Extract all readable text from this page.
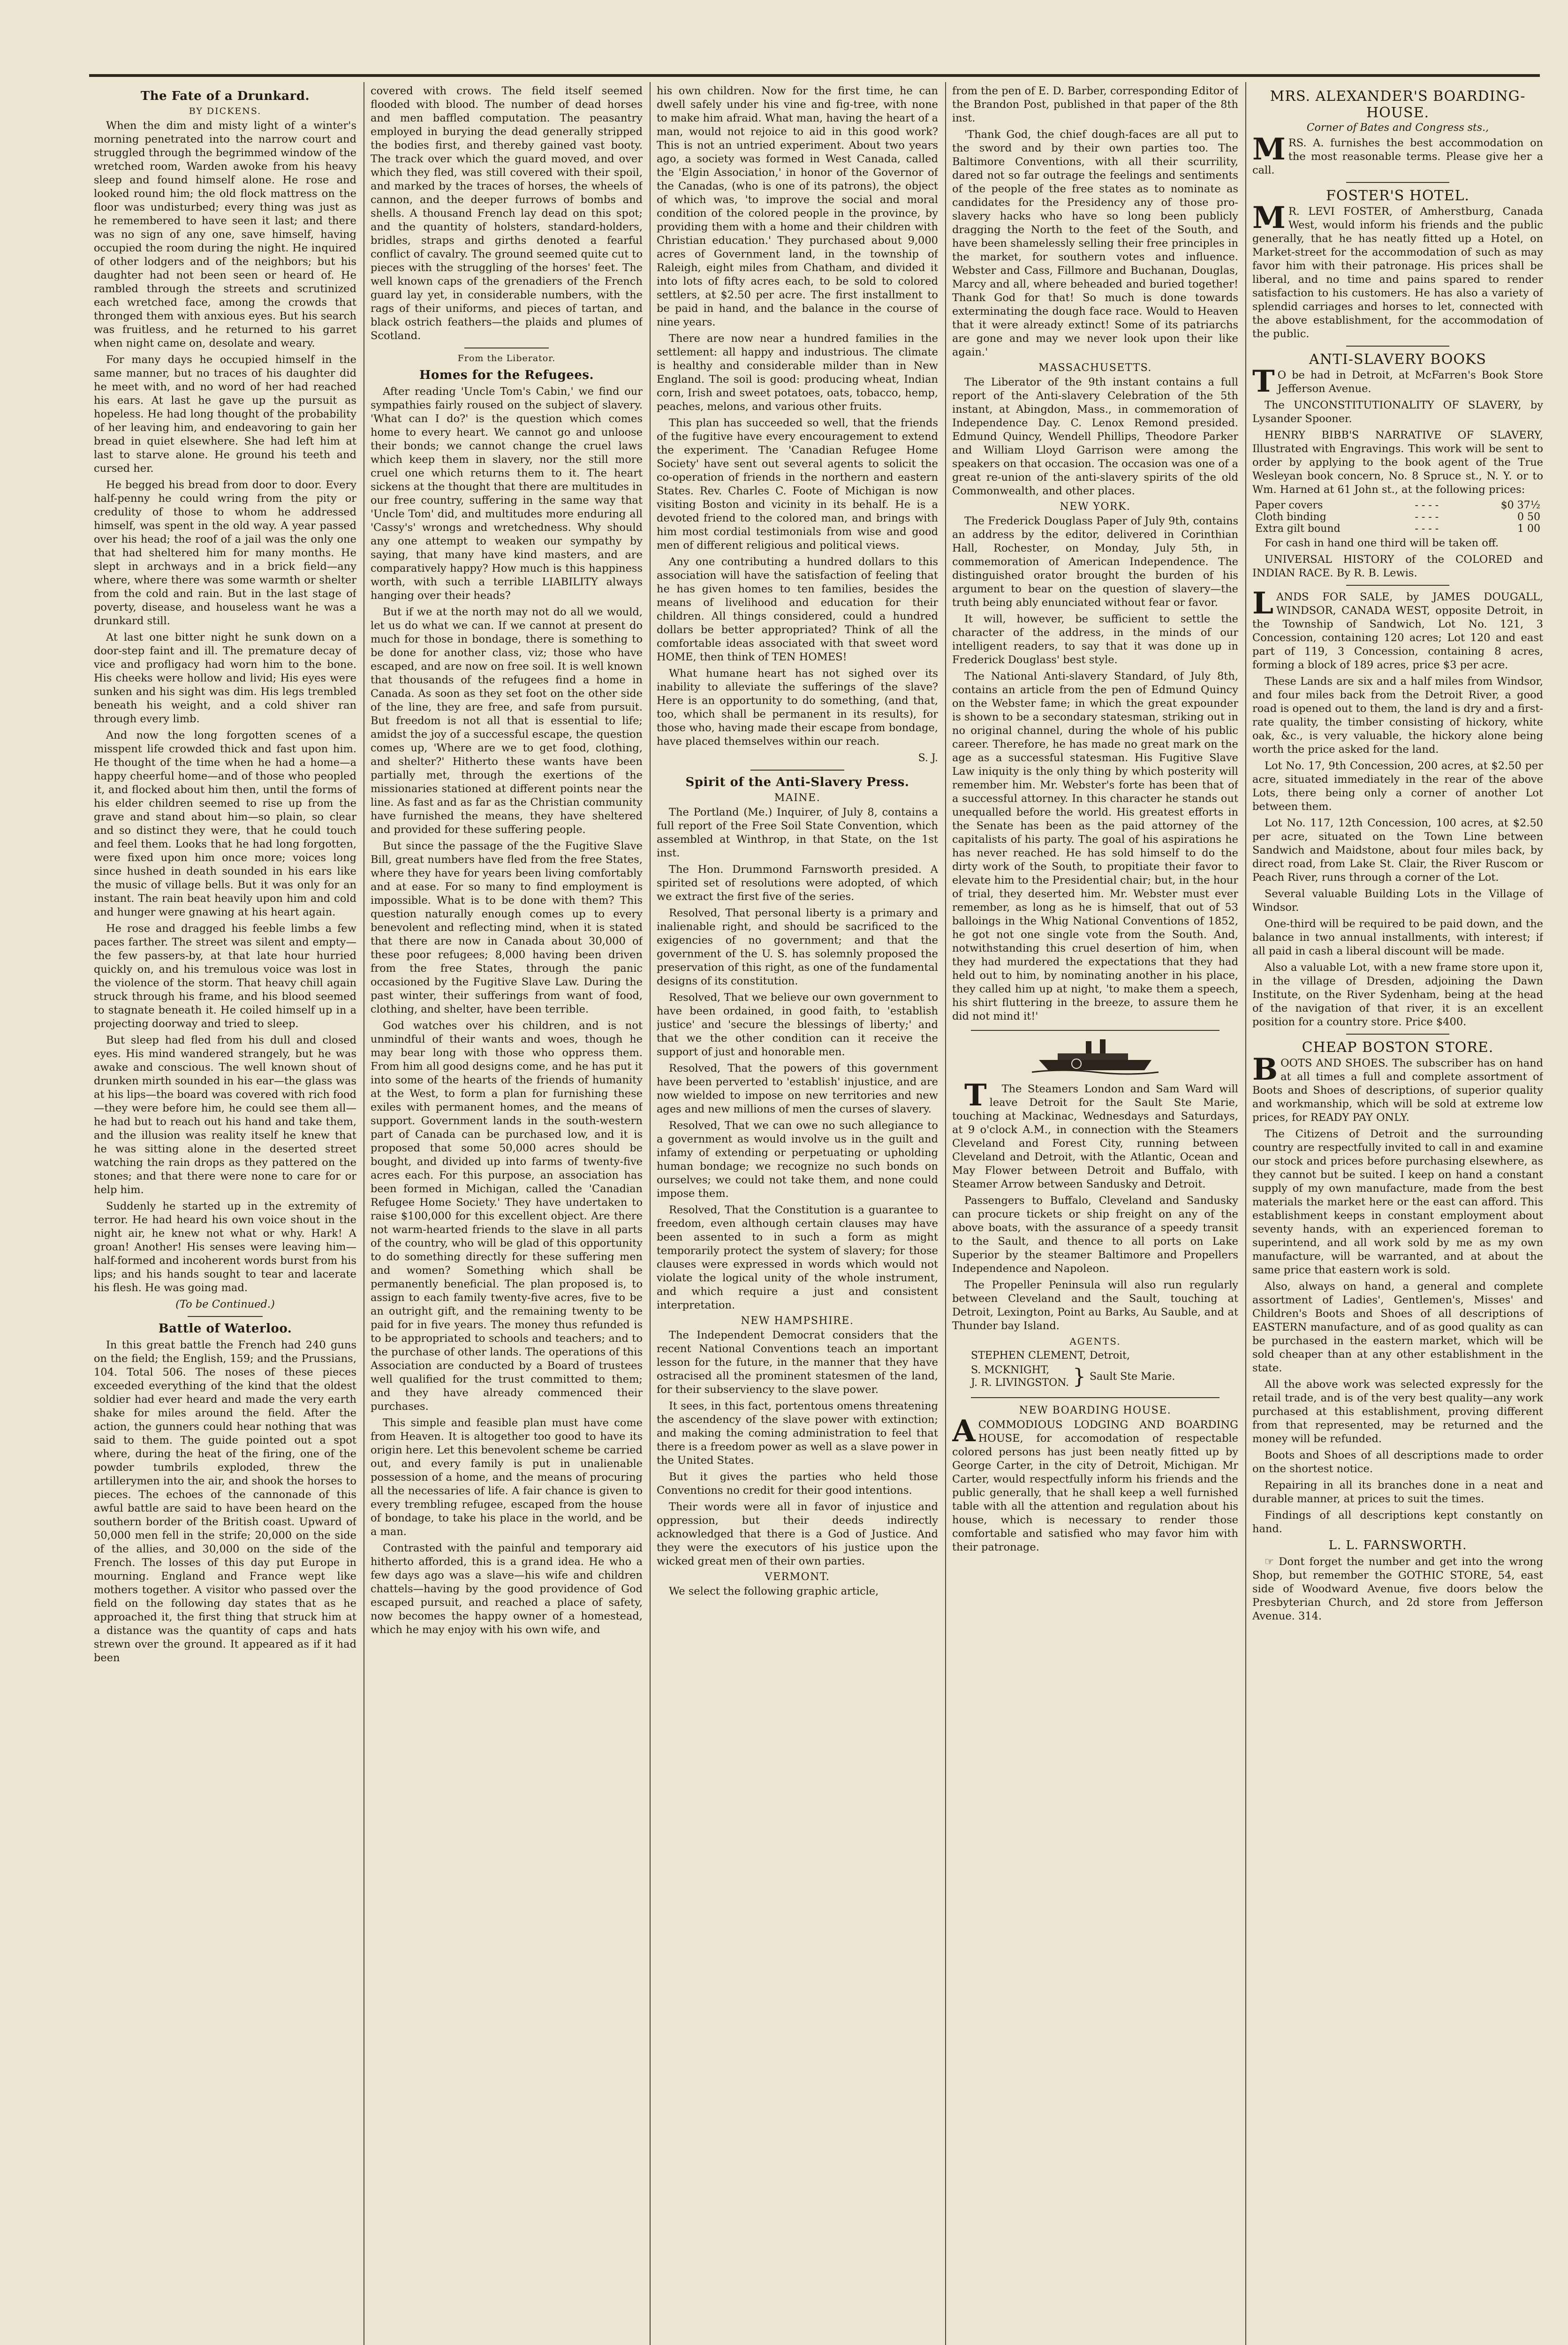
The Fate of a Drunkard.
BY DICKENS.

When the dim and misty light of a winter's morning penetrated into the narrow court and struggled through the begrimmed window of the wretched room, Warden awoke from his heavy sleep and found himself alone. He rose and looked round him; the old flock mattress on the floor was undisturbed; every thing was just as he remembered to have seen it last; and there was no sign of any one, save himself, having occupied the room during the night. He inquired of other lodgers and of the neighbors; but his daughter had not been seen or heard of. He rambled through the streets and scrutinized each wretched face, among the crowds that thronged them with anxious eyes. But his search was fruitless, and he returned to his garret when night came on, desolate and weary.

For many days he occupied himself in the same manner, but no traces of his daughter did he meet with, and no word of her had reached his ears. At last he gave up the pursuit as hopeless. He had long thought of the probability of her leaving him, and endeavoring to gain her bread in quiet elsewhere. She had left him at last to starve alone. He ground his teeth and cursed her.

He begged his bread from door to door. Every half-penny he could wring from the pity or credulity of those to whom he addressed himself, was spent in the old way. A year passed over his head; the roof of a jail was the only one that had sheltered him for many months. He slept in archways and in a brick field—any where, where there was some warmth or shelter from the cold and rain. But in the last stage of poverty, disease, and houseless want he was a drunkard still.

At last one bitter night he sunk down on a door-step faint and ill. The premature decay of vice and profligacy had worn him to the bone. His cheeks were hollow and livid; His eyes were sunken and his sight was dim. His legs trembled beneath his weight, and a cold shiver ran through every limb.

And now the long forgotten scenes of a misspent life crowded thick and fast upon him. He thought of the time when he had a home—a happy cheerful home—and of those who peopled it, and flocked about him then, until the forms of his elder children seemed to rise up from the grave and stand about him—so plain, so clear and so distinct they were, that he could touch and feel them. Looks that he had long forgotten, were fixed upon him once more; voices long since hushed in death sounded in his ears like the music of village bells. But it was only for an instant. The rain beat heavily upon him and cold and hunger were gnawing at his heart again.

He rose and dragged his feeble limbs a few paces farther. The street was silent and empty—the few passers-by, at that late hour hurried quickly on, and his tremulous voice was lost in the violence of the storm. That heavy chill again struck through his frame, and his blood seemed to stagnate beneath it. He coiled himself up in a projecting doorway and tried to sleep.

But sleep had fled from his dull and closed eyes. His mind wandered strangely, but he was awake and conscious. The well known shout of drunken mirth sounded in his ear—the glass was at his lips—the board was covered with rich food—they were before him, he could see them all—he had but to reach out his hand and take them, and the illusion was reality itself he knew that he was sitting alone in the deserted street watching the rain drops as they pattered on the stones; and that there were none to care for or help him.

Suddenly he started up in the extremity of terror. He had heard his own voice shout in the night air, he knew not what or why. Hark! A groan! Another! His senses were leaving him—half-formed and incoherent words burst from his lips; and his hands sought to tear and lacerate his flesh. He was going mad.

(To be Continued.)

Battle of Waterloo.

In this great battle the French had 240 guns on the field; the English, 159; and the Prussians, 104. Total 506. The noses of these pieces exceeded everything of the kind that the oldest soldier had ever heard and made the very earth shake for miles around the field. After the action, the gunners could hear nothing that was said to them. The guide pointed out a spot where, during the heat of the firing, one of the powder tumbrils exploded, threw the artillerymen into the air, and shook the horses to pieces. The echoes of the cannonade of this awful battle are said to have been heard on the southern border of the British coast. Upward of 50,000 men fell in the strife; 20,000 on the side of the allies, and 30,000 on the side of the French. The losses of this day put Europe in mourning. England and France wept like mothers together. A visitor who passed over the field on the following day states that as he approached it, the first thing that struck him at a distance was the quantity of caps and hats strewn over the ground. It appeared as if it had been

covered with crows. The field itself seemed flooded with blood. The number of dead horses and men baffled computation. The peasantry employed in burying the dead generally stripped the bodies first, and thereby gained vast booty. The track over which the guard moved, and over which they fled, was still covered with their spoil, and marked by the traces of horses, the wheels of cannon, and the deeper furrows of bombs and shells. A thousand French lay dead on this spot; and the quantity of holsters, standard-holders, bridles, straps and girths denoted a fearful conflict of cavalry. The ground seemed quite cut to pieces with the struggling of the horses' feet. The well known caps of the grenadiers of the French guard lay yet, in considerable numbers, with the rags of their uniforms, and pieces of tartan, and black ostrich feathers—the plaids and plumes of Scotland.

From the Liberator.
Homes for the Refugees.

After reading 'Uncle Tom's Cabin,' we find our sympathies fairly roused on the subject of slavery. 'What can I do?' is the question which comes home to every heart. We cannot go and unloose their bonds; we cannot change the cruel laws which keep them in slavery, nor the still more cruel one which returns them to it. The heart sickens at the thought that there are multitudes in our free country, suffering in the same way that 'Uncle Tom' did, and multitudes more enduring all 'Cassy's' wrongs and wretchedness. Why should any one attempt to weaken our sympathy by saying, that many have kind masters, and are comparatively happy? How much is this happiness worth, with such a terrible LIABILITY always hanging over their heads?

But if we at the north may not do all we would, let us do what we can. If we cannot at present do much for those in bondage, there is something to be done for another class, viz; those who have escaped, and are now on free soil. It is well known that thousands of the refugees find a home in Canada. As soon as they set foot on the other side of the line, they are free, and safe from pursuit. But freedom is not all that is essential to life; amidst the joy of a successful escape, the question comes up, 'Where are we to get food, clothing, and shelter?' Hitherto these wants have been partially met, through the exertions of the missionaries stationed at different points near the line. As fast and as far as the Christian community have furnished the means, they have sheltered and provided for these suffering people.

But since the passage of the the Fugitive Slave Bill, great numbers have fled from the free States, where they have for years been living comfortably and at ease. For so many to find employment is impossible. What is to be done with them? This question naturally enough comes up to every benevolent and reflecting mind, when it is stated that there are now in Canada about 30,000 of these poor refugees; 8,000 having been driven from the free States, through the panic occasioned by the Fugitive Slave Law. During the past winter, their sufferings from want of food, clothing, and shelter, have been terrible.

God watches over his children, and is not unmindful of their wants and woes, though he may bear long with those who oppress them. From him all good designs come, and he has put it into some of the hearts of the friends of humanity at the West, to form a plan for furnishing these exiles with permanent homes, and the means of support. Government lands in the south-western part of Canada can be purchased low, and it is proposed that some 50,000 acres should be bought, and divided up into farms of twenty-five acres each. For this purpose, an association has been formed in Michigan, called the 'Canadian Refugee Home Society.' They have undertaken to raise $100,000 for this excellent object. Are there not warm-hearted friends to the slave in all parts of the country, who will be glad of this opportunity to do something directly for these suffering men and women? Something which shall be permanently beneficial. The plan proposed is, to assign to each family twenty-five acres, five to be an outright gift, and the remaining twenty to be paid for in five years. The money thus refunded is to be appropriated to schools and teachers; and to the purchase of other lands. The operations of this Association are conducted by a Board of trustees well qualified for the trust committed to them; and they have already commenced their purchases.

This simple and feasible plan must have come from Heaven. It is altogether too good to have its origin here. Let this benevolent scheme be carried out, and every family is put in unalienable possession of a home, and the means of procuring all the necessaries of life. A fair chance is given to every trembling refugee, escaped from the house of bondage, to take his place in the world, and be a man.

Contrasted with the painful and temporary aid hitherto afforded, this is a grand idea. He who a few days ago was a slave—his wife and children chattels—having by the good providence of God escaped pursuit, and reached a place of safety, now becomes the happy owner of a homestead, which he may enjoy with his own wife, and

his own children. Now for the first time, he can dwell safely under his vine and fig-tree, with none to make him afraid. What man, having the heart of a man, would not rejoice to aid in this good work? This is not an untried experiment. About two years ago, a society was formed in West Canada, called the 'Elgin Association,' in honor of the Governor of the Canadas, (who is one of its patrons), the object of which was, 'to improve the social and moral condition of the colored people in the province, by providing them with a home and their children with Christian education.' They purchased about 9,000 acres of Government land, in the township of Raleigh, eight miles from Chatham, and divided it into lots of fifty acres each, to be sold to colored settlers, at $2.50 per acre. The first installment to be paid in hand, and the balance in the course of nine years.

There are now near a hundred families in the settlement: all happy and industrious. The climate is healthy and considerable milder than in New England. The soil is good: producing wheat, Indian corn, Irish and sweet potatoes, oats, tobacco, hemp, peaches, melons, and various other fruits.

This plan has succeeded so well, that the friends of the fugitive have every encouragement to extend the experiment. The 'Canadian Refugee Home Society' have sent out several agents to solicit the co-operation of friends in the northern and eastern States. Rev. Charles C. Foote of Michigan is now visiting Boston and vicinity in its behalf. He is a devoted friend to the colored man, and brings with him most cordial testimonials from wise and good men of different religious and political views.

Any one contributing a hundred dollars to this association will have the satisfaction of feeling that he has given homes to ten families, besides the means of livelihood and education for their children. All things considered, could a hundred dollars be better appropriated? Think of all the comfortable ideas associated with that sweet word HOME, then think of TEN HOMES!

What humane heart has not sighed over its inability to alleviate the sufferings of the slave? Here is an opportunity to do something, (and that, too, which shall be permanent in its results), for those who, having made their escape from bondage, have placed themselves within our reach.

S. J.

Spirit of the Anti-Slavery Press.
MAINE.

The Portland (Me.) Inquirer, of July 8, contains a full report of the Free Soil State Convention, which assembled at Winthrop, in that State, on the 1st inst.

The Hon. Drummond Farnsworth presided. A spirited set of resolutions were adopted, of which we extract the first five of the series.

Resolved, That personal liberty is a primary and inalienable right, and should be sacrificed to the exigencies of no government; and that the government of the U. S. has solemnly proposed the preservation of this right, as one of the fundamental designs of its constitution.

Resolved, That we believe our own government to have been ordained, in good faith, to 'establish justice' and 'secure the blessings of liberty;' and that we the other condition can it receive the support of just and honorable men.

Resolved, That the powers of this government have been perverted to 'establish' injustice, and are now wielded to impose on new territories and new ages and new millions of men the curses of slavery.

Resolved, That we can owe no such allegiance to a government as would involve us in the guilt and infamy of extending or perpetuating or upholding human bondage; we recognize no such bonds on ourselves; we could not take them, and none could impose them.

Resolved, That the Constitution is a guarantee to freedom, even although certain clauses may have been assented to in such a form as might temporarily protect the system of slavery; for those clauses were expressed in words which would not violate the logical unity of the whole instrument, and which require a just and consistent interpretation.

NEW HAMPSHIRE.

The Independent Democrat considers that the recent National Conventions teach an important lesson for the future, in the manner that they have ostracised all the prominent statesmen of the land, for their subserviency to the slave power.

It sees, in this fact, portentous omens threatening the ascendency of the slave power with extinction; and making the coming administration to feel that there is a freedom power as well as a slave power in the United States.

But it gives the parties who held those Conventions no credit for their good intentions.

Their words were all in favor of injustice and oppression, but their deeds indirectly acknowledged that there is a God of Justice. And they were the executors of his justice upon the wicked great men of their own parties.

VERMONT.

We select the following graphic article,

from the pen of E. D. Barber, corresponding Editor of the Brandon Post, published in that paper of the 8th inst.

'Thank God, the chief dough-faces are all put to the sword and by their own parties too. The Baltimore Conventions, with all their scurrility, dared not so far outrage the feelings and sentiments of the people of the free states as to nominate as candidates for the Presidency any of those pro-slavery hacks who have so long been publicly dragging the North to the feet of the South, and have been shamelessly selling their free principles in the market, for southern votes and influence. Webster and Cass, Fillmore and Buchanan, Douglas, Marcy and all, where beheaded and buried together! Thank God for that! So much is done towards exterminating the dough face race. Would to Heaven that it were already extinct! Some of its patriarchs are gone and may we never look upon their like again.'

MASSACHUSETTS.

The Liberator of the 9th instant contains a full report of the Anti-slavery Celebration of the 5th instant, at Abingdon, Mass., in commemoration of Independence Day. C. Lenox Remond presided. Edmund Quincy, Wendell Phillips, Theodore Parker and William Lloyd Garrison were among the speakers on that occasion. The occasion was one of a great re-union of the anti-slavery spirits of the old Commonwealth, and other places.

NEW YORK.

The Frederick Douglass Paper of July 9th, contains an address by the editor, delivered in Corinthian Hall, Rochester, on Monday, July 5th, in commemoration of American Independence. The distinguished orator brought the burden of his argument to bear on the question of slavery—the truth being ably enunciated without fear or favor.

It will, however, be sufficient to settle the character of the address, in the minds of our intelligent readers, to say that it was done up in Frederick Douglass' best style.

The National Anti-slavery Standard, of July 8th, contains an article from the pen of Edmund Quincy on the Webster fame; in which the great expounder is shown to be a secondary statesman, striking out in no original channel, during the whole of his public career. Therefore, he has made no great mark on the age as a successful statesman. His Fugitive Slave Law iniquity is the only thing by which posterity will remember him. Mr. Webster's forte has been that of a successful attorney. In this character he stands out unequalled before the world. His greatest efforts in the Senate has been as the paid attorney of the capitalists of his party. The goal of his aspirations he has never reached. He has sold himself to do the dirty work of the South, to propitiate their favor to elevate him to the Presidential chair; but, in the hour of trial, they deserted him. Mr. Webster must ever remember, as long as he is himself, that out of 53 balloings in the Whig National Conventions of 1852, he got not one single vote from the South. And, notwithstanding this cruel desertion of him, when they had murdered the expectations that they had held out to him, by nominating another in his place, they called him up at night, 'to make them a speech, his shirt fluttering in the breeze, to assure them he did not mind it!'

T The Steamers London and Sam Ward will leave Detroit for the Sault Ste Marie, touching at Mackinac, Wednesdays and Saturdays, at 9 o'clock A.M., in connection with the Steamers Cleveland and Forest City, running between Cleveland and Detroit, with the Atlantic, Ocean and May Flower between Detroit and Buffalo, with Steamer Arrow between Sandusky and Detroit.

Passengers to Buffalo, Cleveland and Sandusky can procure tickets or ship freight on any of the above boats, with the assurance of a speedy transit to the Sault, and thence to all ports on Lake Superior by the steamer Baltimore and Propellers Independence and Napoleon.

The Propeller Peninsula will also run regularly between Cleveland and the Sault, touching at Detroit, Lexington, Point au Barks, Au Sauble, and at Thunder bay Island.

AGENTS.
STEPHEN CLEMENT, Detroit,
S. MCKNIGHT,
J. R. LIVINGSTON. } Sault Ste Marie.
NEW BOARDING HOUSE.

ACOMMODIOUS LODGING AND BOARDING HOUSE, for accomodation of respectable colored persons has just been neatly fitted up by George Carter, in the city of Detroit, Michigan. Mr Carter, would respectfully inform his friends and the public generally, that he shall keep a well furnished table with all the attention and regulation about his house, which is necessary to render those comfortable and satisfied who may favor him with their patronage.

MRS. ALEXANDER'S BOARDING-HOUSE.
Corner of Bates and Congress sts.,

MRS. A. furnishes the best accommodation on the most reasonable terms. Please give her a call.

FOSTER'S HOTEL.

M R. LEVI FOSTER, of Amherstburg, Canada West, would inform his friends and the public generally, that he has neatly fitted up a Hotel, on Market-street for the accommodation of such as may favor him with their patronage. His prices shall be liberal, and no time and pains spared to render satisfaction to his customers. He has also a variety of splendid carriages and horses to let, connected with the above establishment, for the accommodation of the public.

ANTI-SLAVERY BOOKS

T O be had in Detroit, at McFarren's Book Store Jefferson Avenue.

The UNCONSTITUTIONALITY OF SLAVERY, by Lysander Spooner.

HENRY BIBB'S NARRATIVE OF SLAVERY, Illustrated with Engravings. This work will be sent to order by applying to the book agent of the True Wesleyan book concern, No. 8 Spruce st., N. Y. or to Wm. Harned at 61 John st., at the following prices:

Paper covers	- - - -	$0 37½
Cloth binding	- - - -	0 50
Extra gilt bound	- - - -	1 00

For cash in hand one third will be taken off.

UNIVERSAL HISTORY of the COLORED and INDIAN RACE. By R. B. Lewis.

LANDS FOR SALE, by JAMES DOUGALL, WINDSOR, CANADA WEST, opposite Detroit, in the Township of Sandwich, Lot No. 121, 3 Concession, containing 120 acres; Lot 120 and east part of 119, 3 Concession, containing 8 acres, forming a block of 189 acres, price $3 per acre.

These Lands are six and a half miles from Windsor, and four miles back from the Detroit River, a good road is opened out to them, the land is dry and a first-rate quality, the timber consisting of hickory, white oak, &c., is very valuable, the hickory alone being worth the price asked for the land.

Lot No. 17, 9th Concession, 200 acres, at $2.50 per acre, situated immediately in the rear of the above Lots, there being only a corner of another Lot between them.

Lot No. 117, 12th Concession, 100 acres, at $2.50 per acre, situated on the Town Line between Sandwich and Maidstone, about four miles back, by direct road, from Lake St. Clair, the River Ruscom or Peach River, runs through a corner of the Lot.

Several valuable Building Lots in the Village of Windsor.

One-third will be required to be paid down, and the balance in two annual installments, with interest; if all paid in cash a liberal discount will be made.

Also a valuable Lot, with a new frame store upon it, in the village of Dresden, adjoining the Dawn Institute, on the River Sydenham, being at the head of the navigation of that river, it is an excellent position for a country store. Price $400.

CHEAP BOSTON STORE.

BOOTS AND SHOES. The subscriber has on hand at all times a full and complete assortment of Boots and Shoes of descriptions, of superior quality and workmanship, which will be sold at extreme low prices, for READY PAY ONLY.

The Citizens of Detroit and the surrounding country are respectfully invited to call in and examine our stock and prices before purchasing elsewhere, as they cannot but be suited. I keep on hand a constant supply of my own manufacture, made from the best materials the market here or the east can afford. This establishment keeps in constant employment about seventy hands, with an experienced foreman to superintend, and all work sold by me as my own manufacture, will be warranted, and at about the same price that eastern work is sold.

Also, always on hand, a general and complete assortment of Ladies', Gentlemen's, Misses' and Children's Boots and Shoes of all descriptions of EASTERN manufacture, and of as good quality as can be purchased in the eastern market, which will be sold cheaper than at any other establishment in the state.

All the above work was selected expressly for the retail trade, and is of the very best quality—any work purchased at this establishment, proving different from that represented, may be returned and the money will be refunded.

Boots and Shoes of all descriptions made to order on the shortest notice.

Repairing in all its branches done in a neat and durable manner, at prices to suit the times.

Findings of all descriptions kept constantly on hand.

L. L. FARNSWORTH.

☞ Dont forget the number and get into the wrong Shop, but remember the GOTHIC STORE, 54, east side of Woodward Avenue, five doors below the Presbyterian Church, and 2d store from Jefferson Avenue. 314.
